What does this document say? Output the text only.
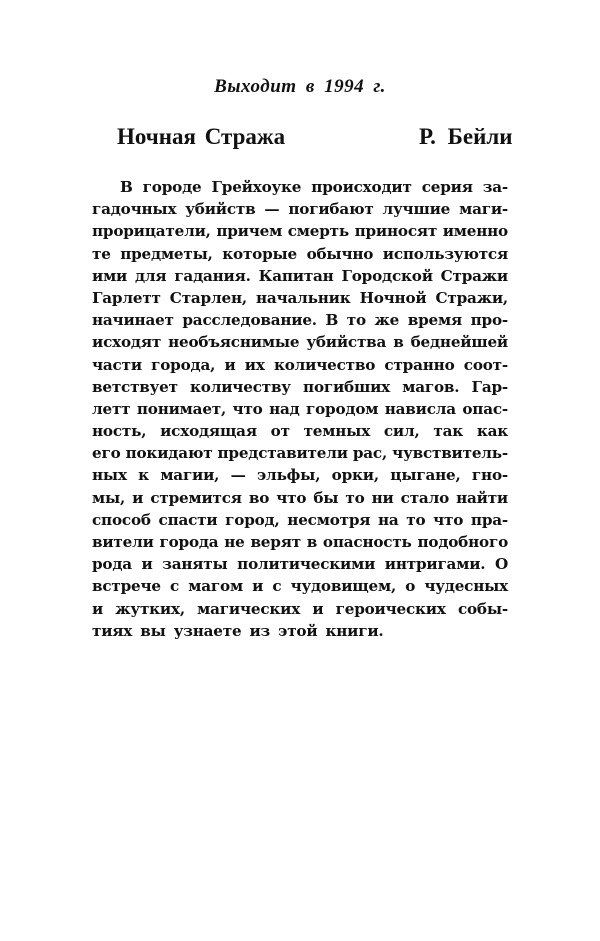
Выходит в 1994 г.
Ночная Стража	Р. Бейли
В городе Грейхоуке происходит серия за-
гадочных убийств — погибают лучшие маги-
прорицатели, причем смерть приносят именно
те предметы, которые обычно используются
ими для гадания. Капитан Городской Стражи
Гарлетт Старлен, начальник Ночной Стражи,
начинает расследование. В то же время про-
исходят необъяснимые убийства в беднейшей
части города, и их количество странно соот-
ветствует количеству погибших магов. Гар-
летт понимает, что над городом нависла опас-
ность, исходящая от темных сил, так как
его покидают представители рас, чувствитель-
ных к магии, — эльфы, орки, цыгане, гно-
мы, и стремится во что бы то ни стало найти
способ спасти город, несмотря на то что пра-
вители города не верят в опасность подобного
рода и заняты политическими интригами. О
встрече с магом и с чудовищем, о чудесных
и жутких, магических и героических собы-
тиях вы узнаете из этой книги.
